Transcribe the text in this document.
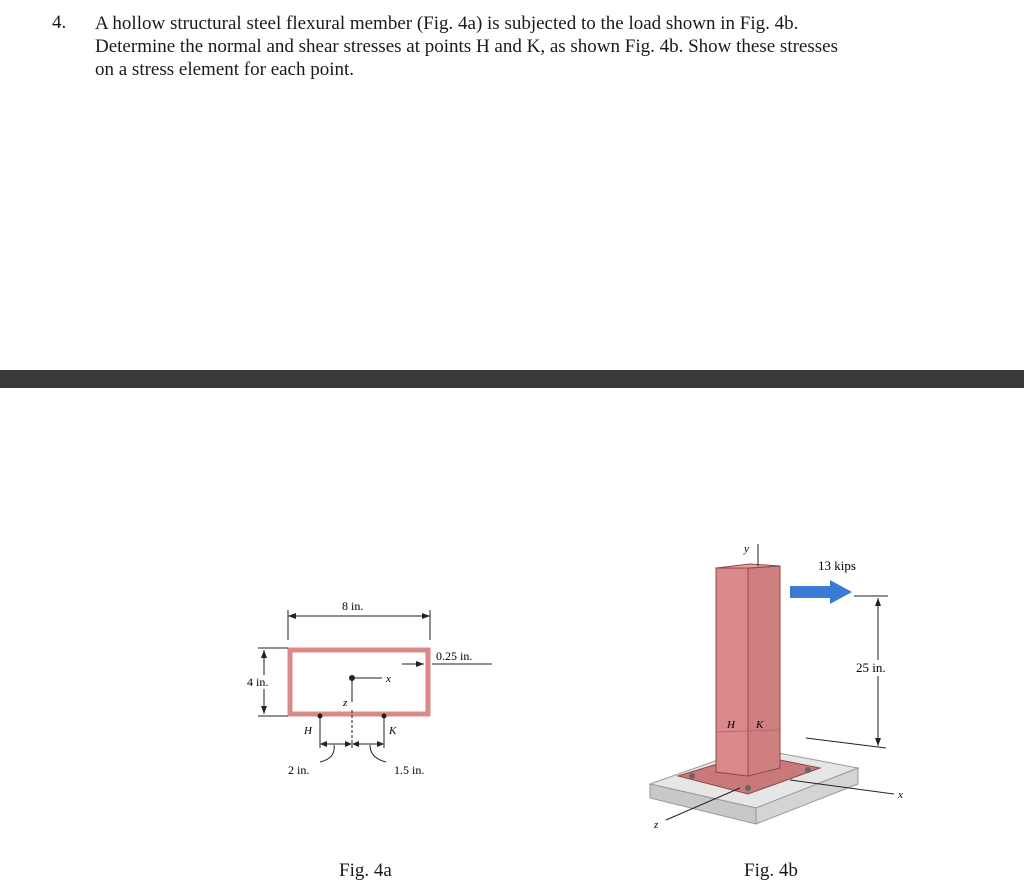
4. A hollow structural steel flexural member (Fig. 4a) is subjected to the load shown in Fig. 4b.
Determine the normal and shear stresses at points H and K, as shown Fig. 4b. Show these stresses
on a stress element for each point.
8 in.
4 in.
0.25 in.
x
z
H	K
2 in.	1.5 in.
Fig. 4a
y
13 kips
25 in.
H K
x
z
Fig. 4b
